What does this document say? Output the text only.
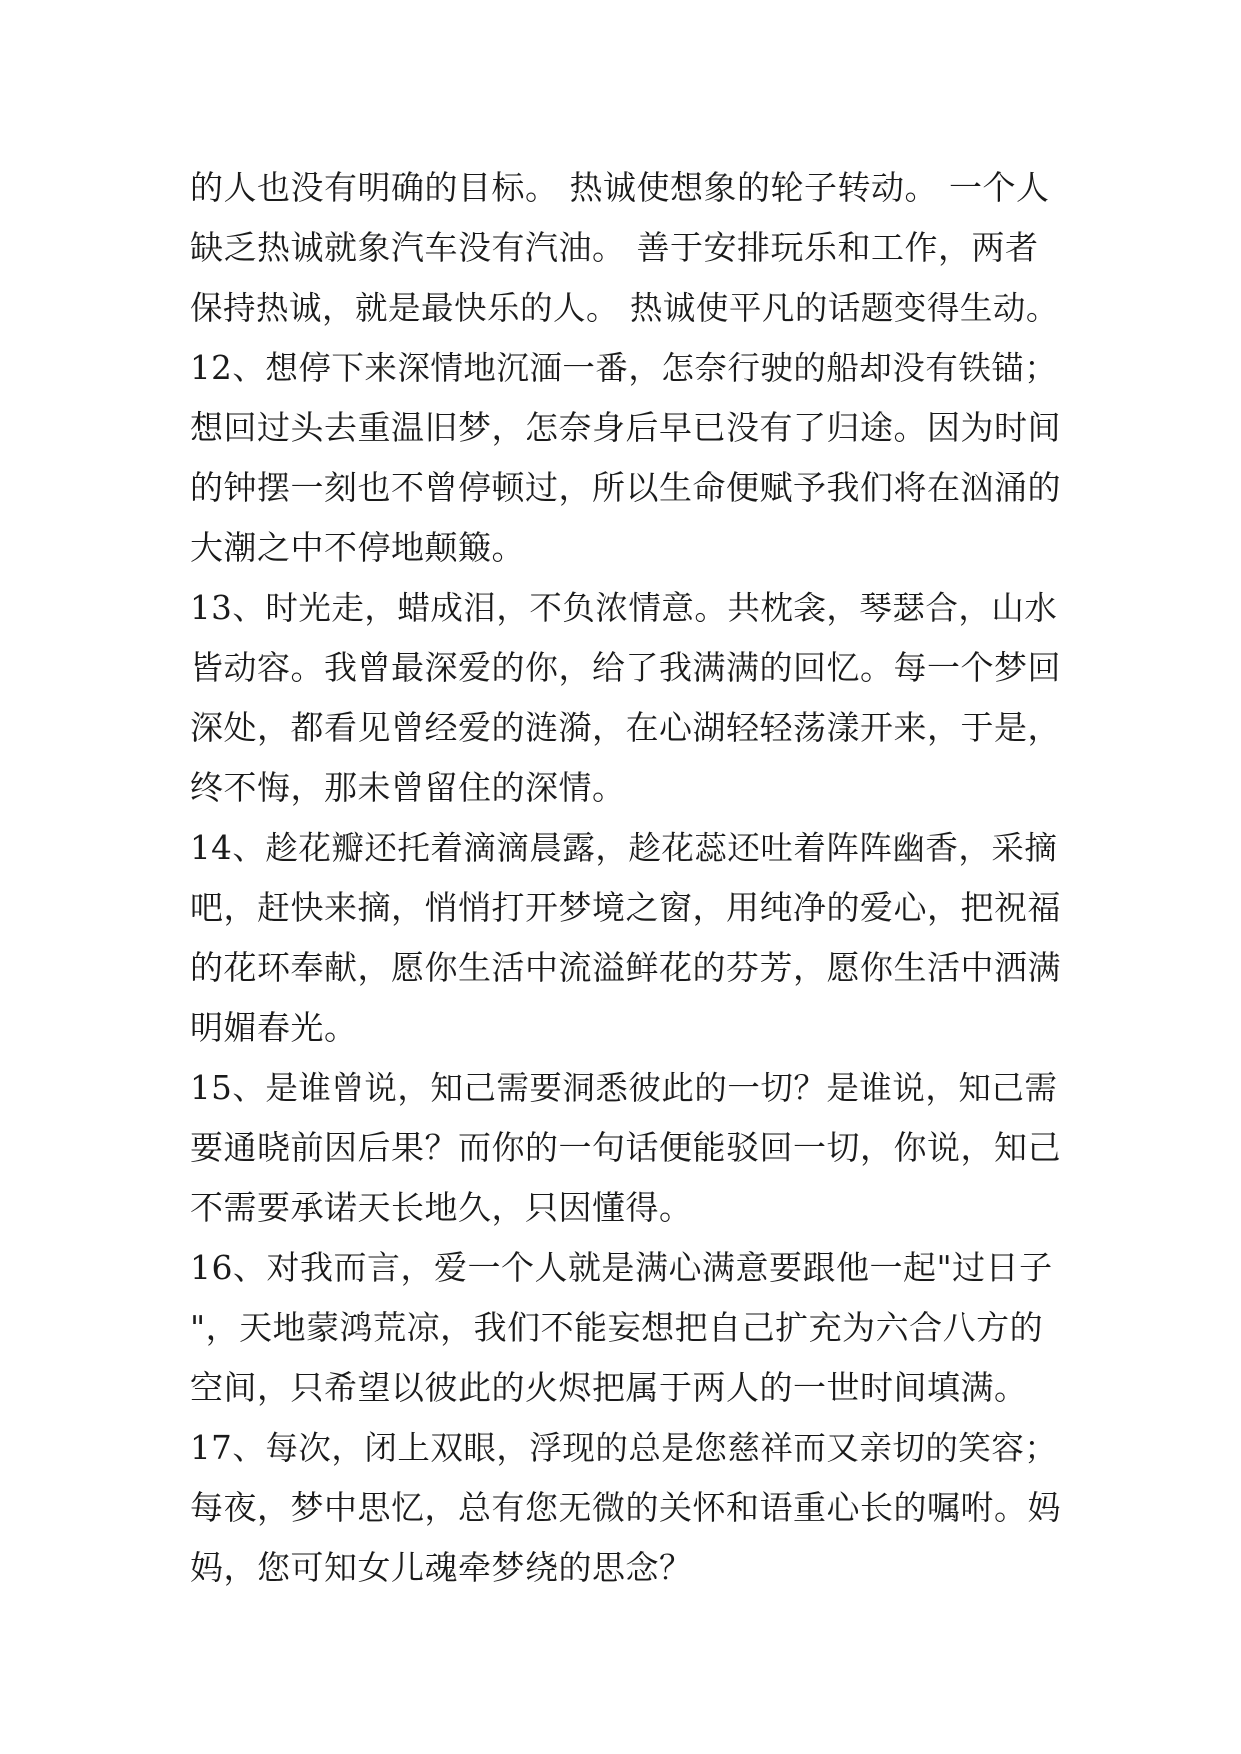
的人也没有明确的目标。 热诚使想象的轮子转动。 一个人
缺乏热诚就象汽车没有汽油。 善于安排玩乐和工作，两者
保持热诚，就是最快乐的人。 热诚使平凡的话题变得生动。
12、想停下来深情地沉湎一番，怎奈行驶的船却没有铁锚；
想回过头去重温旧梦，怎奈身后早已没有了归途。因为时间
的钟摆一刻也不曾停顿过，所以生命便赋予我们将在汹涌的
大潮之中不停地颠簸。
13、时光走，蜡成泪，不负浓情意。共枕衾，琴瑟合，山水
皆动容。我曾最深爱的你，给了我满满的回忆。每一个梦回
深处，都看见曾经爱的涟漪，在心湖轻轻荡漾开来，于是，
终不悔，那未曾留住的深情。
14、趁花瓣还托着滴滴晨露，趁花蕊还吐着阵阵幽香，采摘
吧，赶快来摘，悄悄打开梦境之窗，用纯净的爱心，把祝福
的花环奉献，愿你生活中流溢鲜花的芬芳，愿你生活中洒满
明媚春光。
15、是谁曾说，知己需要洞悉彼此的一切？是谁说，知己需
要通晓前因后果？而你的一句话便能驳回一切，你说，知己
不需要承诺天长地久，只因懂得。
16、对我而言，爱一个人就是满心满意要跟他一起"过日子
"，天地蒙鸿荒凉，我们不能妄想把自己扩充为六合八方的
空间，只希望以彼此的火烬把属于两人的一世时间填满。
17、每次，闭上双眼，浮现的总是您慈祥而又亲切的笑容；
每夜，梦中思忆，总有您无微的关怀和语重心长的嘱咐。妈
妈，您可知女儿魂牵梦绕的思念？
